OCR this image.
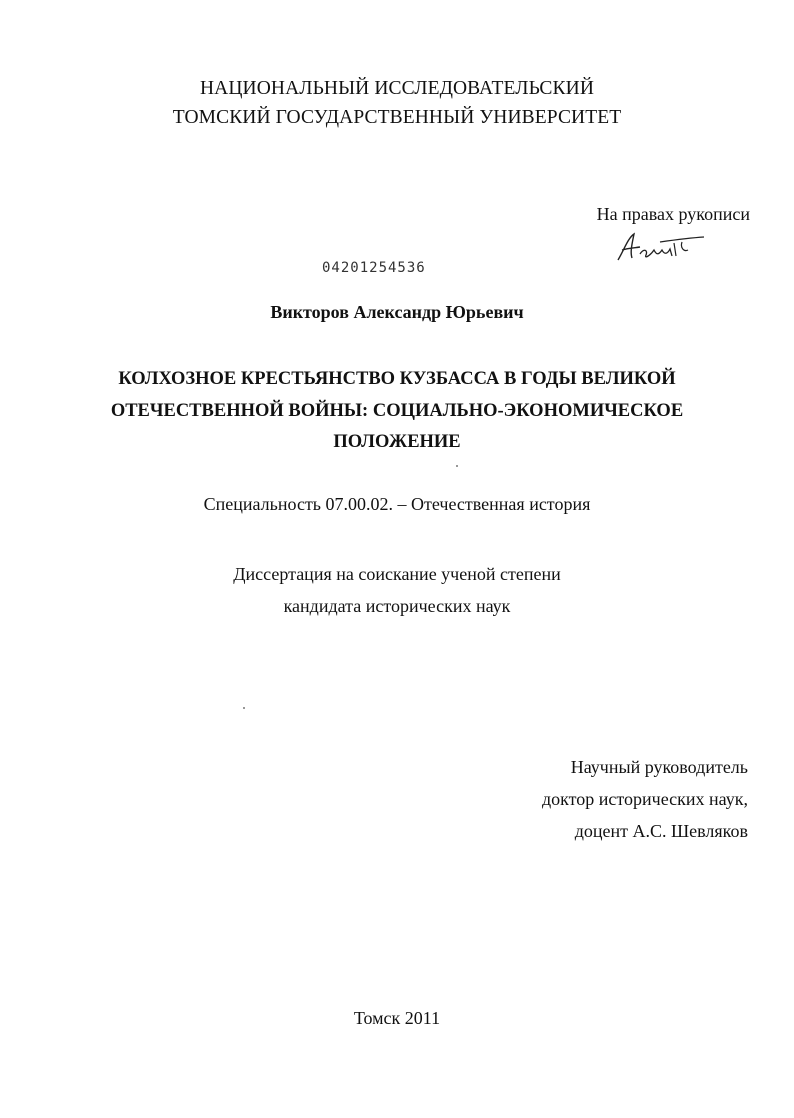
НАЦИОНАЛЬНЫЙ ИССЛЕДОВАТЕЛЬСКИЙ
ТОМСКИЙ ГОСУДАРСТВЕННЫЙ УНИВЕРСИТЕТ
На правах рукописи
04201254536
Викторов Александр Юрьевич
КОЛХОЗНОЕ КРЕСТЬЯНСТВО КУЗБАССА В ГОДЫ ВЕЛИКОЙ
ОТЕЧЕСТВЕННОЙ ВОЙНЫ: СОЦИАЛЬНО-ЭКОНОМИЧЕСКОЕ
ПОЛОЖЕНИЕ
Специальность 07.00.02. – Отечественная история
Диссертация на соискание ученой степени
кандидата исторических наук
Научный руководитель
доктор исторических наук,
доцент А.С. Шевляков
Томск 2011
